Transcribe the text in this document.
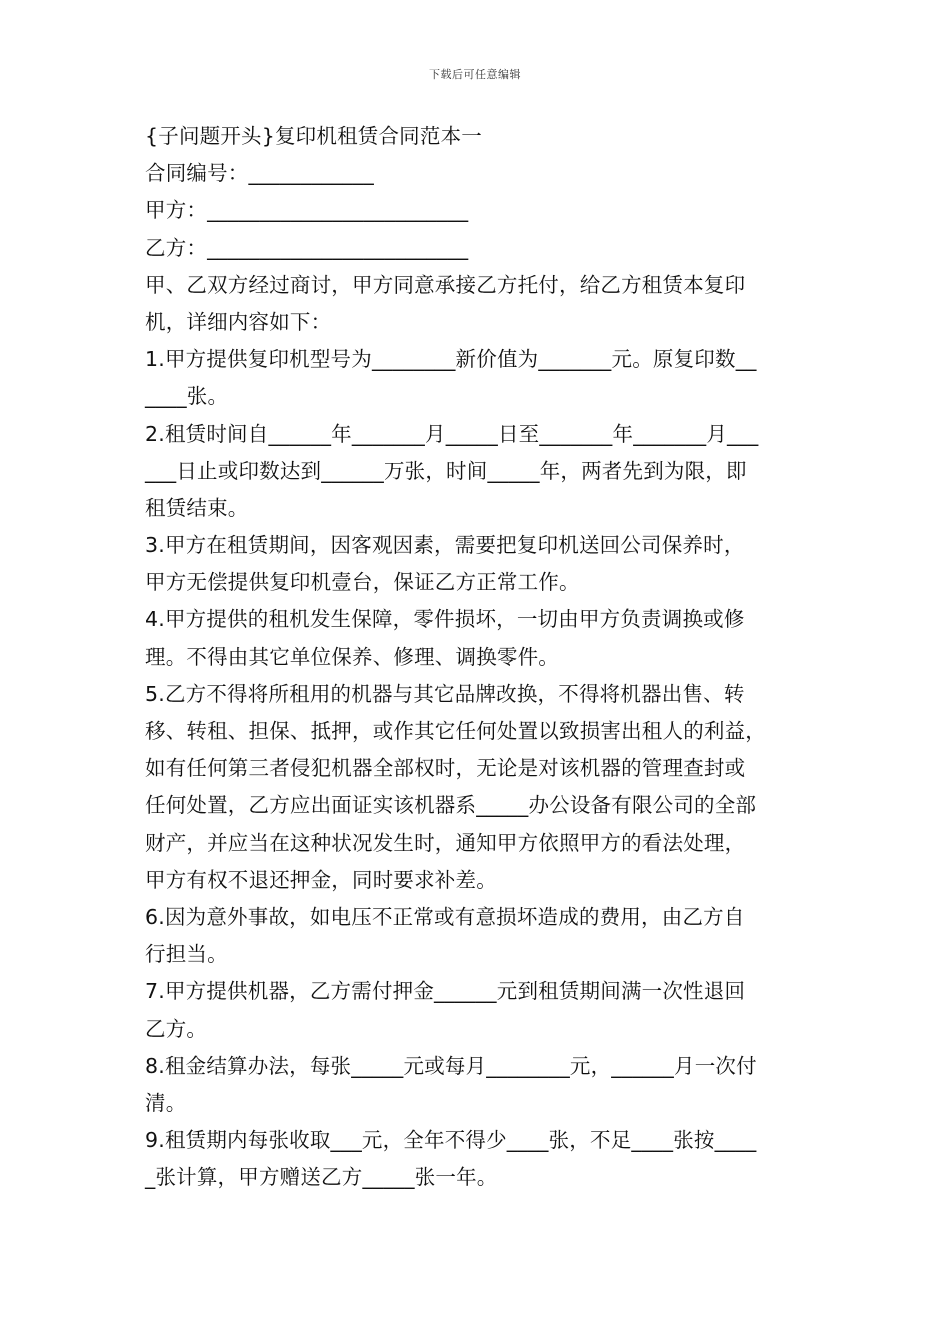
下载后可任意编辑
{子问题开头}复印机租赁合同范本一
合同编号：____________
甲方：_________________________
乙方：_________________________
甲、乙双方经过商讨，甲方同意承接乙方托付，给乙方租赁本复印
机，详细内容如下：
1.甲方提供复印机型号为________新价值为_______元。原复印数__
____张。
2.租赁时间自______年_______月_____日至_______年_______月___
___日止或印数达到______万张，时间_____年，两者先到为限，即
租赁结束。
3.甲方在租赁期间，因客观因素，需要把复印机送回公司保养时，
甲方无偿提供复印机壹台，保证乙方正常工作。
4.甲方提供的租机发生保障，零件损坏，一切由甲方负责调换或修
理。不得由其它单位保养、修理、调换零件。
5.乙方不得将所租用的机器与其它品牌改换，不得将机器出售、转
移、转租、担保、抵押，或作其它任何处置以致损害出租人的利益，
如有任何第三者侵犯机器全部权时，无论是对该机器的管理查封或
任何处置，乙方应出面证实该机器系_____办公设备有限公司的全部
财产，并应当在这种状况发生时，通知甲方依照甲方的看法处理，
甲方有权不退还押金，同时要求补差。
6.因为意外事故，如电压不正常或有意损坏造成的费用，由乙方自
行担当。
7.甲方提供机器，乙方需付押金______元到租赁期间满一次性退回
乙方。
8.租金结算办法，每张_____元或每月________元，______月一次付
清。
9.租赁期内每张收取___元，全年不得少____张，不足____张按____
_张计算，甲方赠送乙方_____张一年。
